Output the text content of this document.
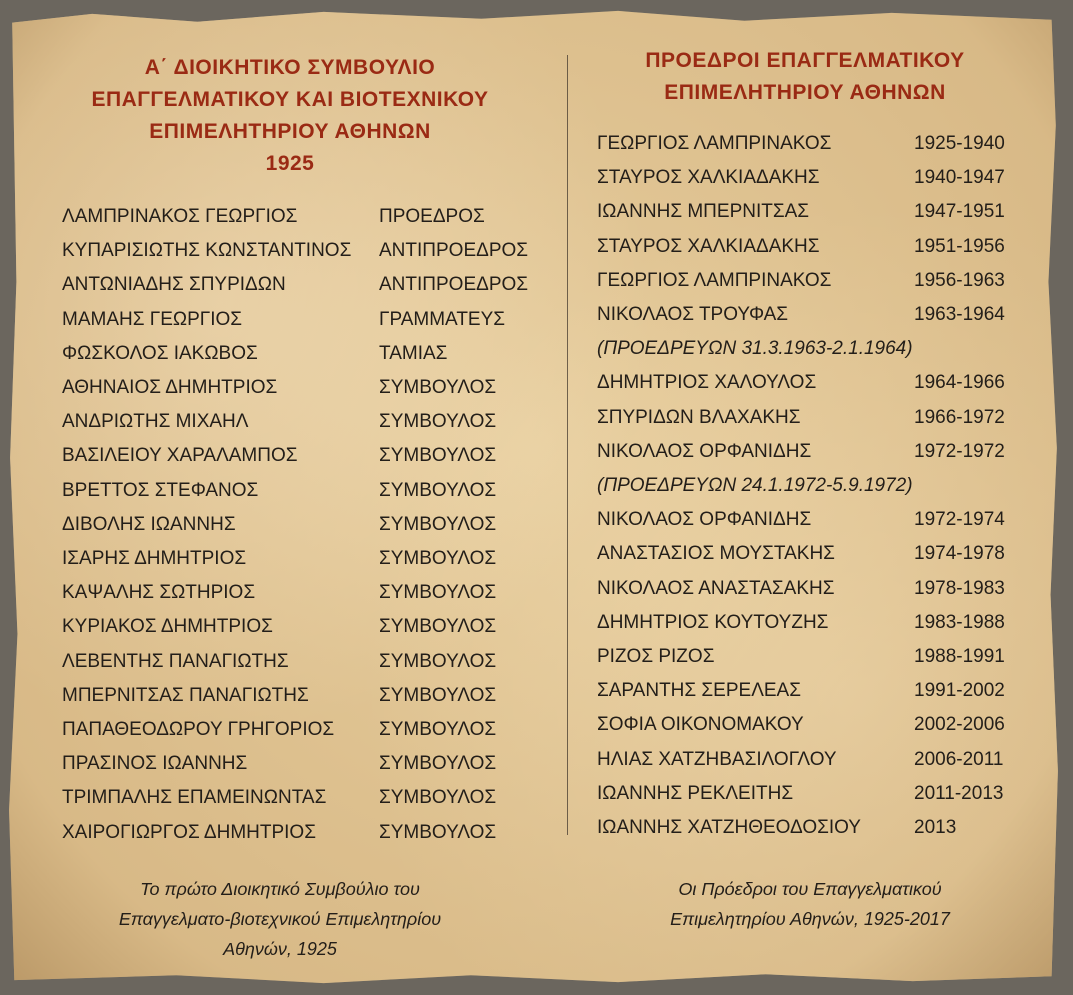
Α΄ ΔΙΟΙΚΗΤΙΚΟ ΣΥΜΒΟΥΛΙΟ
ΕΠΑΓΓΕΛΜΑΤΙΚΟΥ ΚΑΙ ΒΙΟΤΕΧΝΙΚΟΥ
ΕΠΙΜΕΛΗΤΗΡΙΟΥ ΑΘΗΝΩΝ
1925
ΠΡΟΕΔΡΟΙ ΕΠΑΓΓΕΛΜΑΤΙΚΟΥ
ΕΠΙΜΕΛΗΤΗΡΙΟΥ ΑΘΗΝΩΝ
ΛΑΜΠΡΙΝΑΚΟΣ ΓΕΩΡΓΙΟΣ	ΠΡΟΕΔΡΟΣ
ΚΥΠΑΡΙΣΙΩΤΗΣ ΚΩΝΣΤΑΝΤΙΝΟΣ ΑΝΤΙΠΡΟΕΔΡΟΣ
ΑΝΤΩΝΙΑΔΗΣ ΣΠΥΡΙΔΩΝ	ΑΝΤΙΠΡΟΕΔΡΟΣ
ΜΑΜΑΗΣ ΓΕΩΡΓΙΟΣ	ΓΡΑΜΜΑΤΕΥΣ
ΦΩΣΚΟΛΟΣ ΙΑΚΩΒΟΣ	ΤΑΜΙΑΣ
ΑΘΗΝΑΙΟΣ ΔΗΜΗΤΡΙΟΣ	ΣΥΜΒΟΥΛΟΣ
ΑΝΔΡΙΩΤΗΣ ΜΙΧΑΗΛ	ΣΥΜΒΟΥΛΟΣ
ΒΑΣΙΛΕΙΟΥ ΧΑΡΑΛΑΜΠΟΣ	ΣΥΜΒΟΥΛΟΣ
ΒΡΕΤΤΟΣ ΣΤΕΦΑΝΟΣ	ΣΥΜΒΟΥΛΟΣ
ΔΙΒΟΛΗΣ ΙΩΑΝΝΗΣ	ΣΥΜΒΟΥΛΟΣ
ΙΣΑΡΗΣ ΔΗΜΗΤΡΙΟΣ	ΣΥΜΒΟΥΛΟΣ
ΚΑΨΑΛΗΣ ΣΩΤΗΡΙΟΣ	ΣΥΜΒΟΥΛΟΣ
ΚΥΡΙΑΚΟΣ ΔΗΜΗΤΡΙΟΣ	ΣΥΜΒΟΥΛΟΣ
ΛΕΒΕΝΤΗΣ ΠΑΝΑΓΙΩΤΗΣ	ΣΥΜΒΟΥΛΟΣ
ΜΠΕΡΝΙΤΣΑΣ ΠΑΝΑΓΙΩΤΗΣ	ΣΥΜΒΟΥΛΟΣ
ΠΑΠΑΘΕΟΔΩΡΟΥ ΓΡΗΓΟΡΙΟΣ ΣΥΜΒΟΥΛΟΣ
ΠΡΑΣΙΝΟΣ ΙΩΑΝΝΗΣ	ΣΥΜΒΟΥΛΟΣ
ΤΡΙΜΠΑΛΗΣ ΕΠΑΜΕΙΝΩΝΤΑΣ	ΣΥΜΒΟΥΛΟΣ
ΧΑΙΡΟΓΙΩΡΓΟΣ ΔΗΜΗΤΡΙΟΣ	ΣΥΜΒΟΥΛΟΣ
ΓΕΩΡΓΙΟΣ ΛΑΜΠΡΙΝΑΚΟΣ	1925-1940
ΣΤΑΥΡΟΣ ΧΑΛΚΙΑΔΑΚΗΣ	1940-1947
ΙΩΑΝΝΗΣ ΜΠΕΡΝΙΤΣΑΣ	1947-1951
ΣΤΑΥΡΟΣ ΧΑΛΚΙΑΔΑΚΗΣ	1951-1956
ΓΕΩΡΓΙΟΣ ΛΑΜΠΡΙΝΑΚΟΣ	1956-1963
ΝΙΚΟΛΑΟΣ ΤΡΟΥΦΑΣ	1963-1964
(ΠΡΟΕΔΡΕΥΩΝ 31.3.1963-2.1.1964)
ΔΗΜΗΤΡΙΟΣ ΧΑΛΟΥΛΟΣ	1964-1966
ΣΠΥΡΙΔΩΝ ΒΛΑΧΑΚΗΣ	1966-1972
ΝΙΚΟΛΑΟΣ ΟΡΦΑΝΙΔΗΣ	1972-1972
(ΠΡΟΕΔΡΕΥΩΝ 24.1.1972-5.9.1972)
ΝΙΚΟΛΑΟΣ ΟΡΦΑΝΙΔΗΣ	1972-1974
ΑΝΑΣΤΑΣΙΟΣ ΜΟΥΣΤΑΚΗΣ	1974-1978
ΝΙΚΟΛΑΟΣ ΑΝΑΣΤΑΣΑΚΗΣ	1978-1983
ΔΗΜΗΤΡΙΟΣ ΚΟΥΤΟΥΖΗΣ	1983-1988
ΡΙΖΟΣ ΡΙΖΟΣ	1988-1991
ΣΑΡΑΝΤΗΣ ΣΕΡΕΛΕΑΣ	1991-2002
ΣΟΦΙΑ ΟΙΚΟΝΟΜΑΚΟΥ	2002-2006
ΗΛΙΑΣ ΧΑΤΖΗΒΑΣΙΛΟΓΛΟΥ	2006-2011
ΙΩΑΝΝΗΣ ΡΕΚΛΕΙΤΗΣ	2011-2013
ΙΩΑΝΝΗΣ ΧΑΤΖΗΘΕΟΔΟΣΙΟΥ	2013
Το πρώτο Διοικητικό Συμβούλιο του
Επαγγελματο-βιοτεχνικού Επιμελητηρίου
Αθηνών, 1925
Οι Πρόεδροι του Επαγγελματικού
Επιμελητηρίου Αθηνών, 1925-2017
